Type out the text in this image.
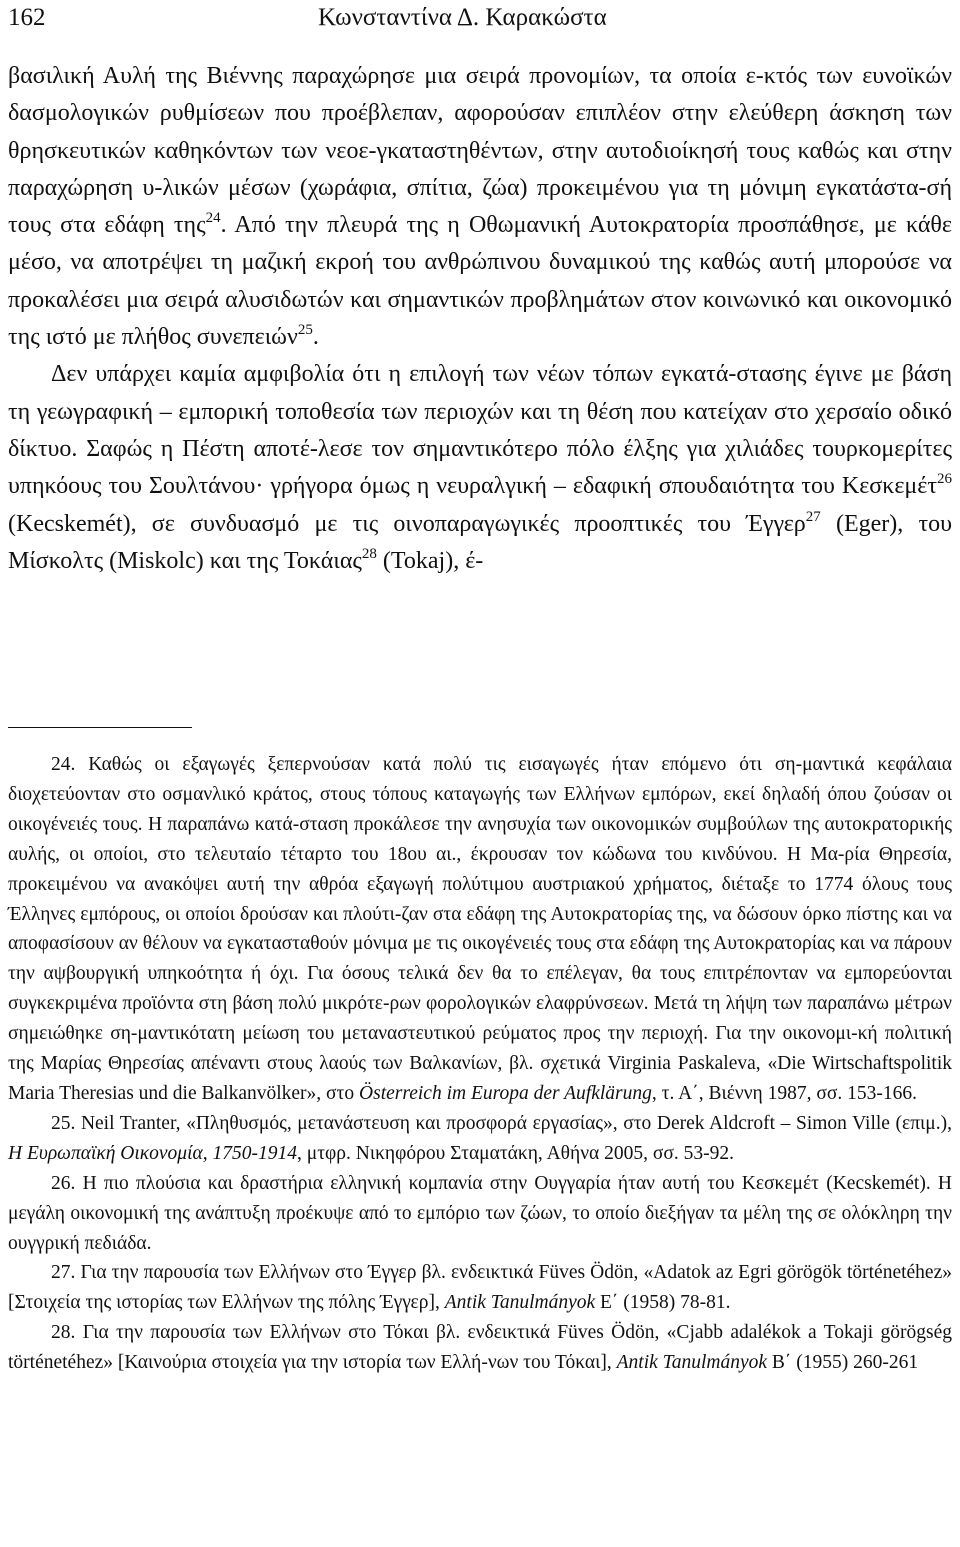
162	Κωνσταντίνα Δ. Καρακώστα

βασιλική Αυλή της Βιέννης παραχώρησε μια σειρά προνομίων, τα οποία ε-κτός των ευνοϊκών δασμολογικών ρυθμίσεων που προέβλεπαν, αφορούσαν επιπλέον στην ελεύθερη άσκηση των θρησκευτικών καθηκόντων των νεοε-γκαταστηθέντων, στην αυτοδιοίκησή τους καθώς και στην παραχώρηση υ-λικών μέσων (χωράφια, σπίτια, ζώα) προκειμένου για τη μόνιμη εγκατάστα-σή τους στα εδάφη της$^{24}$. Από την πλευρά της η Οθωμανική Αυτοκρατορία προσπάθησε, με κάθε μέσο, να αποτρέψει τη μαζική εκροή του ανθρώπινου δυναμικού της καθώς αυτή μπορούσε να προκαλέσει μια σειρά αλυσιδωτών και σημαντικών προβλημάτων στον κοινωνικό και οικονομικό της ιστό με πλήθος συνεπειών$^{25}$.

Δεν υπάρχει καμία αμφιβολία ότι η επιλογή των νέων τόπων εγκατά-στασης έγινε με βάση τη γεωγραφική – εμπορική τοποθεσία των περιοχών και τη θέση που κατείχαν στο χερσαίο οδικό δίκτυο. Σαφώς η Πέστη αποτέ-λεσε τον σημαντικότερο πόλο έλξης για χιλιάδες τουρκομερίτες υπηκόους του Σουλτάνου· γρήγορα όμως η νευραλγική – εδαφική σπουδαιότητα του Κεσκεμέτ$^{26}$ (Kecskemét), σε συνδυασμό με τις οινοπαραγωγικές προοπτικές του Έγγερ$^{27}$ (Eger), του Μίσκολτς (Miskolc) και της Τοκάιας$^{28}$ (Tokaj), έ-

24. Καθώς οι εξαγωγές ξεπερνούσαν κατά πολύ τις εισαγωγές ήταν επόμενο ότι ση-μαντικά κεφάλαια διοχετεύονταν στο οσμανλικό κράτος, στους τόπους καταγωγής των Ελλήνων εμπόρων, εκεί δηλαδή όπου ζούσαν οι οικογένειές τους. Η παραπάνω κατά-σταση προκάλεσε την ανησυχία των οικονομικών συμβούλων της αυτοκρατορικής αυλής, οι οποίοι, στο τελευταίο τέταρτο του 18ου αι., έκρουσαν τον κώδωνα του κινδύνου. Η Μα-ρία Θηρεσία, προκειμένου να ανακόψει αυτή την αθρόα εξαγωγή πολύτιμου αυστριακού χρήματος, διέταξε το 1774 όλους τους Έλληνες εμπόρους, οι οποίοι δρούσαν και πλούτι-ζαν στα εδάφη της Αυτοκρατορίας της, να δώσουν όρκο πίστης και να αποφασίσουν αν θέλουν να εγκατασταθούν μόνιμα με τις οικογένειές τους στα εδάφη της Αυτοκρατορίας και να πάρουν την αψβουργική υπηκοότητα ή όχι. Για όσους τελικά δεν θα το επέλεγαν, θα τους επιτρέπονταν να εμπορεύονται συγκεκριμένα προϊόντα στη βάση πολύ μικρότε-ρων φορολογικών ελαφρύνσεων. Μετά τη λήψη των παραπάνω μέτρων σημειώθηκε ση-μαντικότατη μείωση του μεταναστευτικού ρεύματος προς την περιοχή. Για την οικονομι-κή πολιτική της Μαρίας Θηρεσίας απέναντι στους λαούς των Βαλκανίων, βλ. σχετικά Virginia Paskaleva, «Die Wirtschaftspolitik Maria Theresias und die Balkanvölker», στο Österreich im Europa der Aufklärung, τ. Α΄, Βιέννη 1987, σσ. 153-166.

25. Neil Tranter, «Πληθυσμός, μετανάστευση και προσφορά εργασίας», στο Derek Aldcroft – Simon Ville (επιμ.), Η Ευρωπαϊκή Οικονομία, 1750-1914, μτφρ. Νικηφόρου Σταματάκη, Αθήνα 2005, σσ. 53-92.

26. Η πιο πλούσια και δραστήρια ελληνική κομπανία στην Ουγγαρία ήταν αυτή του Κεσκεμέτ (Kecskemét). Η μεγάλη οικονομική της ανάπτυξη προέκυψε από το εμπόριο των ζώων, το οποίο διεξήγαν τα μέλη της σε ολόκληρη την ουγγρική πεδιάδα.

27. Για την παρουσία των Ελλήνων στο Έγγερ βλ. ενδεικτικά Füves Ödön, «Adatok az Egri görögök történetéhez» [Στοιχεία της ιστορίας των Ελλήνων της πόλης Έγγερ], Antik Tanulmányok Ε΄ (1958) 78-81.

28. Για την παρουσία των Ελλήνων στο Τόκαι βλ. ενδεικτικά Füves Ödön, «Cjabb adalékok a Tokaji görögség történetéhez» [Καινούρια στοιχεία για την ιστορία των Ελλή-νων του Τόκαι], Antik Tanulmányok Β΄ (1955) 260-261
